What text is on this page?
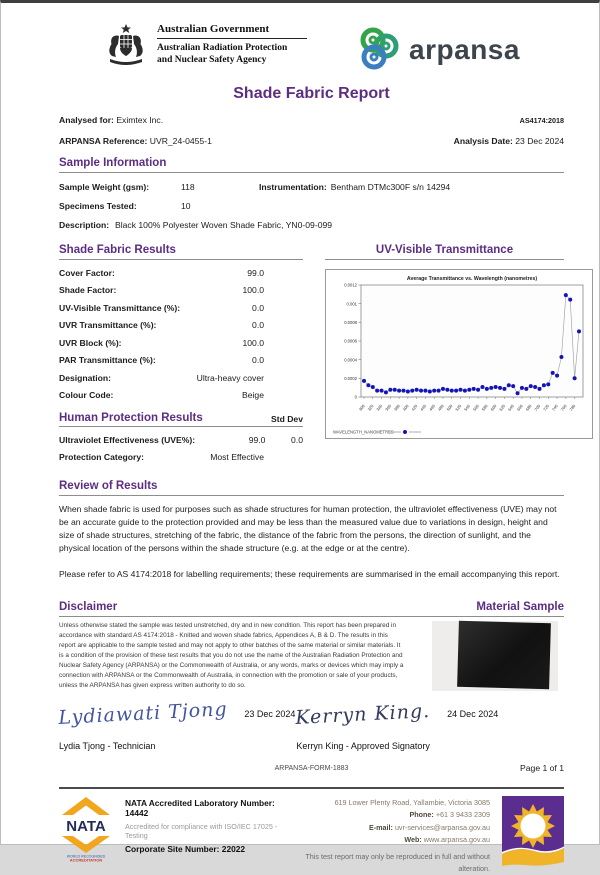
Australian Government
Australian Radiation Protection
and Nuclear Safety Agency	arpansa
Shade Fabric Report
Analysed for: Eximtex Inc.	AS4174:2018
ARPANSA Reference: UVR_24-0455-1	Analysis Date: 23 Dec 2024
Sample Information
Sample Weight (gsm):	118	Instrumentation: Bentham DTMc300F s/n 14294
Specimens Tested:	10
Description: Black 100% Polyester Woven Shade Fabric, YN0-09-099
Shade Fabric Results
Cover Factor:	99.0
Shade Factor:	100.0
UV-Visible Transmittance (%):	0.0
UVR Transmittance (%):	0.0
UVR Block (%):	100.0
PAR Transmittance (%):	0.0
Designation:	Ultra-heavy cover
Colour Code:	Beige
Human Protection Results	Std Dev
Ultraviolet Effectiveness (UVE%):	99.0	0.0
Protection Category:	Most Effective
UV-Visible Transmittance
Average Transmittance vs. Wavelength (nanometres)
0.0012
0.001
0.0008
0.0006
0.0004
0.0002
0
300 320 340 360 380 400 420 440 460 480 500 520 540 560 580 600 620 640 660 680 700 720 740 760 780
WAVELENGTH_NANOMETRES
Review of Results

When shade fabric is used for purposes such as shade structures for human protection, the ultraviolet effectiveness (UVE) may not be an accurate guide to the protection provided and may be less than the measured value due to variations in design, height and size of shade structures, stretching of the fabric, the distance of the fabric from the persons, the direction of sunlight, and the physical location of the persons within the shade structure (e.g. at the edge or at the centre).

Please refer to AS 4174:2018 for labelling requirements; these requirements are summarised in the email accompanying this report.

Disclaimer	Material Sample
Unless otherwise stated the sample was tested unstretched, dry and in new condition. This report has been prepared in accordance with standard AS 4174:2018 - Knitted and woven shade fabrics, Appendices A, B & D. The results in this report are applicable to the sample tested and may not apply to other batches of the same material or similar materials. It is a condition of the provision of these test results that you do not use the name of the Australian Radiation Protection and Nuclear Safety Agency (ARPANSA) or the Commonwealth of Australia, or any words, marks or devices which may imply a connection with ARPANSA or the Commonwealth of Australia, in connection with the promotion or sale of your products, unless the ARPANSA has given express written authority to do so.
Lydiawati Tjong 23 Dec 2024
Lydia Tjong - Technician
Kerryn King. 24 Dec 2024
Kerryn King - Approved Signatory
ARPANSA-FORM-1883	Page 1 of 1
NATA
WORLD RECOGNISED
ACCREDITATION
NATA Accredited Laboratory Number: 14442
Accredited for compliance with ISO/IEC 17025 - Testing
Corporate Site Number: 22022
619 Lower Plenty Road, Yallambie, Victoria 3085
Phone: +61 3 9433 2309
E-mail: uvr-services@arpansa.gov.au
Web: www.arpansa.gov.au
This test report may only be reproduced in full and without alteration.
